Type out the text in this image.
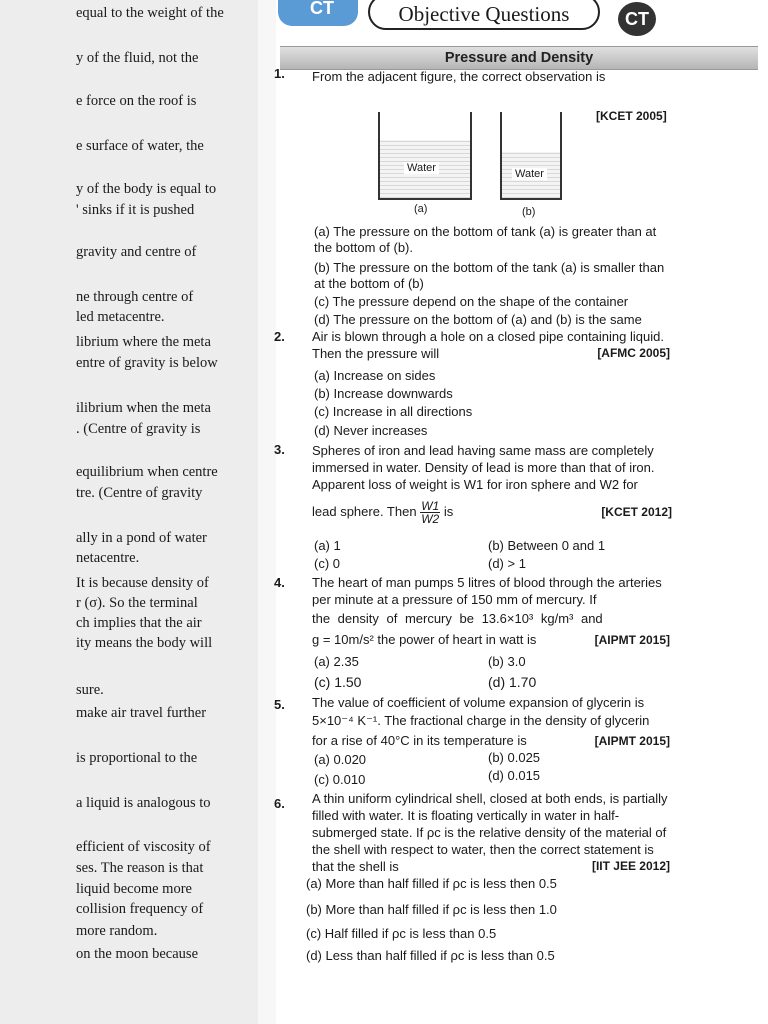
equal to the weight of the
y of the fluid, not the
e force on the roof is
e surface of water, the
y of the body is equal to
' sinks if it is pushed
gravity and centre of
ne through centre of
led metacentre.
librium where the meta
entre of gravity is below
ilibrium when the meta
. (Centre of gravity is
equilibrium when centre
tre. (Centre of gravity
ally in a pond of water
netacentre.
It is because density of
r (σ). So the terminal
ch implies that the air
ity means the body will
sure.
make air travel further
is proportional to the
a liquid is analogous to
efficient of viscosity of
ses. The reason is that
liquid become more
collision frequency of
more random.
on the moon because
CT	Objective Questions	CT
Pressure and Density
1. From the adjacent figure, the correct observation is
[KCET 2005]
Water	Water
(a)	(b)
(a) The pressure on the bottom of tank (a) is greater than at the bottom of (b).
(b) The pressure on the bottom of the tank (a) is smaller than at the bottom of (b)
(c) The pressure depend on the shape of the container
(d) The pressure on the bottom of (a) and (b) is the same
2. Air is blown through a hole on a closed pipe containing liquid. Then the pressure will	[AFMC 2005]
(a) Increase on sides
(b) Increase downwards
(c) Increase in all directions
(d) Never increases
3. Spheres of iron and lead having same mass are completely immersed in water. Density of lead is more than that of iron. Apparent loss of weight is W1 for iron sphere and W2 for
lead sphere. Then $\frac{W1}{W2}$ is	[KCET 2012]
(a) 1	(b) Between 0 and 1
(c) 0	(d) > 1
4. The heart of man pumps 5 litres of blood through the arteries per minute at a pressure of 150 mm of mercury. If
the density of mercury be 13.6×10³ kg/m³ and
g = 10m/s² the power of heart in watt is	[AIPMT 2015]
(a) 2.35	(b) 3.0
(c) 1.50	(d) 1.70
5. The value of coefficient of volume expansion of glycerin is
5×10⁻⁴ K⁻¹. The fractional charge in the density of glycerin
for a rise of 40°C in its temperature is	[AIPMT 2015]
(a) 0.020	(b) 0.025
(c) 0.010	(d) 0.015
6. A thin uniform cylindrical shell, closed at both ends, is partially filled with water. It is floating vertically in water in half-submerged state. If ρc is the relative density of the material of the shell with respect to water, then the correct statement is that the shell is	[IIT JEE 2012]
(a) More than half filled if ρc is less then 0.5
(b) More than half filled if ρc is less then 1.0
(c) Half filled if ρc is less than 0.5
(d) Less than half filled if ρc is less than 0.5
